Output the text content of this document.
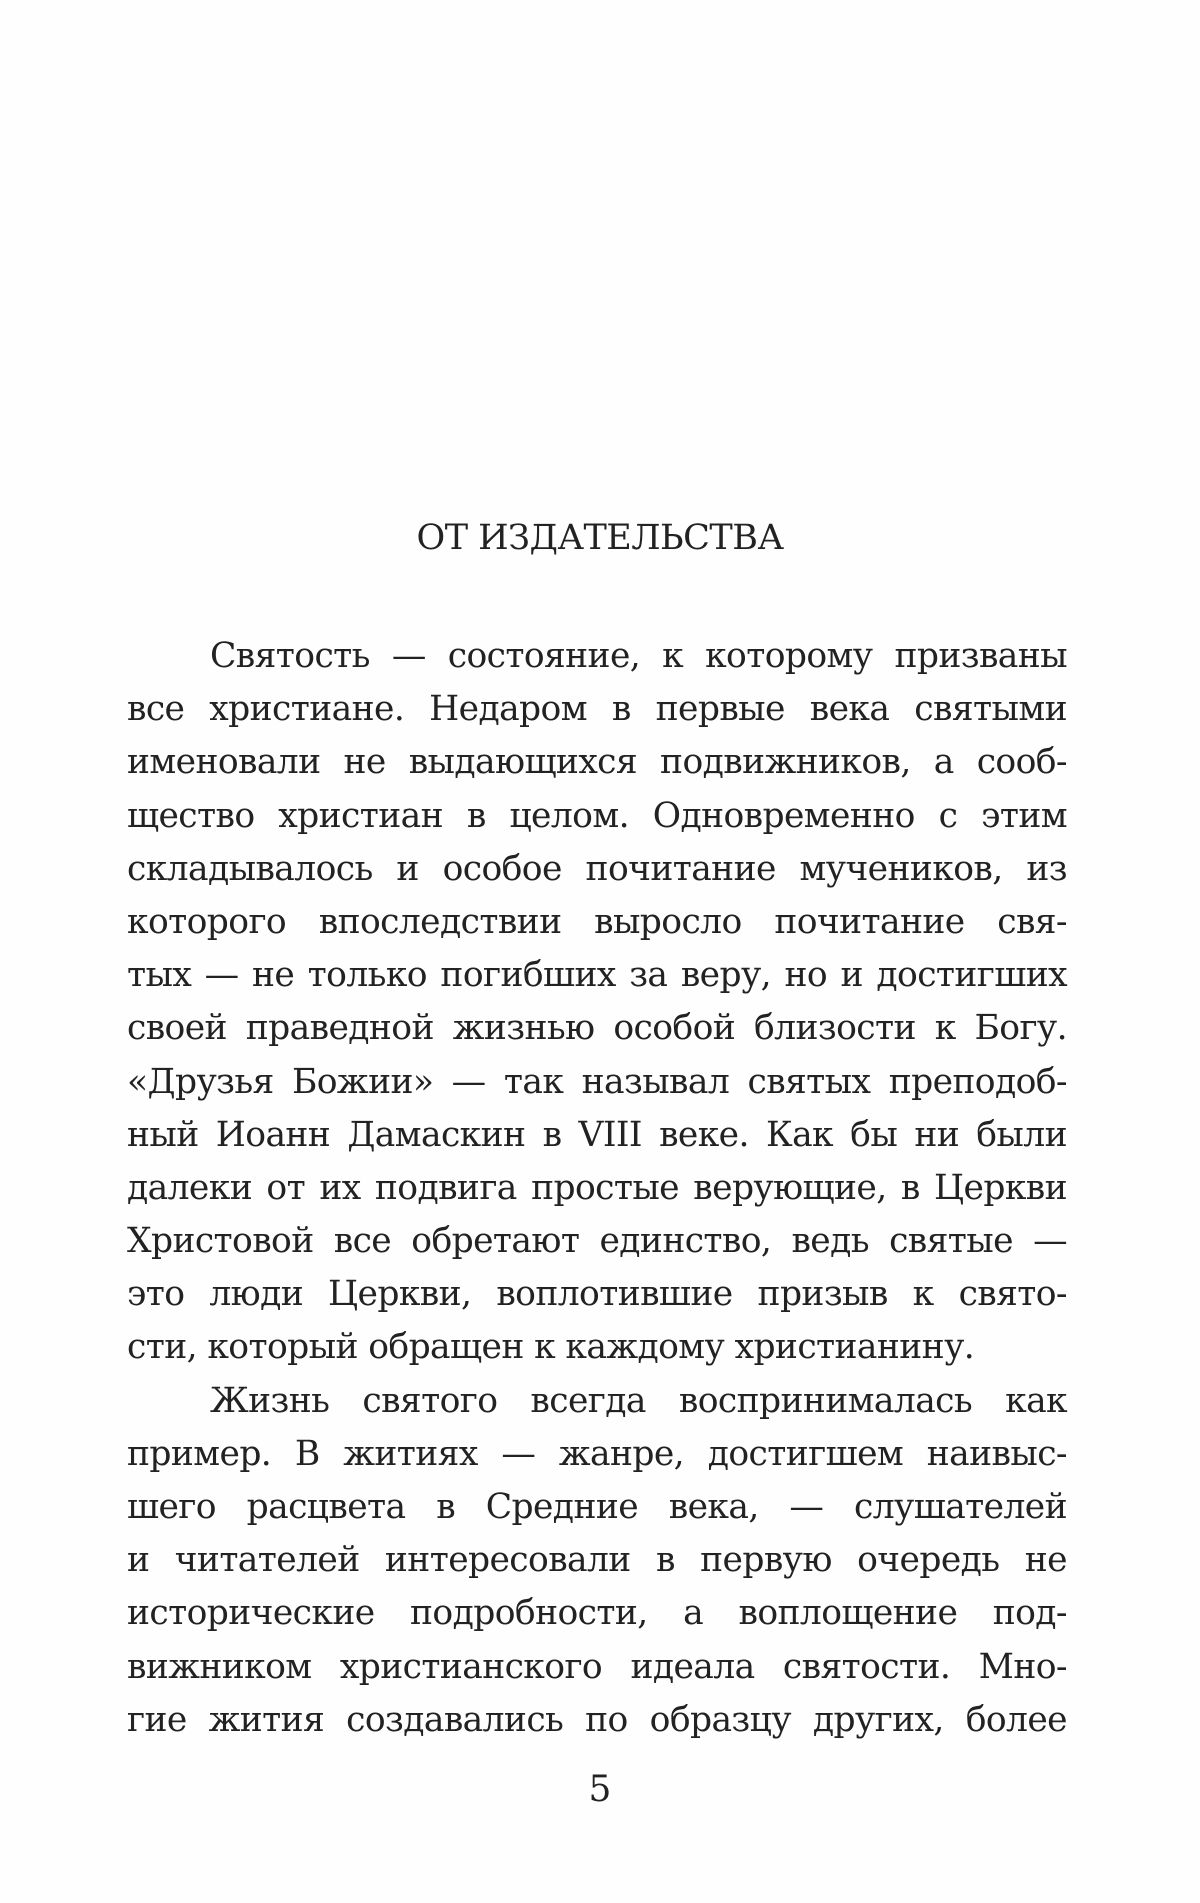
ОТ ИЗДАТЕЛЬСТВА
Святость — состояние, к которому призваны
все христиане. Недаром в первые века святыми
именовали не выдающихся подвижников, а сооб-
щество христиан в целом. Одновременно с этим
складывалось и особое почитание мучеников, из
которого впоследствии выросло почитание свя-
тых — не только погибших за веру, но и достигших
своей праведной жизнью особой близости к Богу.
«Друзья Божии» — так называл святых преподоб-
ный Иоанн Дамаскин в VIII веке. Как бы ни были
далеки от их подвига простые верующие, в Церкви
Христовой все обретают единство, ведь святые —
это люди Церкви, воплотившие призыв к свято-
сти, который обращен к каждому христианину.
Жизнь святого всегда воспринималась как
пример. В житиях — жанре, достигшем наивыс-
шего расцвета в Средние века, — слушателей
и читателей интересовали в первую очередь не
исторические подробности, а воплощение под-
вижником христианского идеала святости. Мно-
гие жития создавались по образцу других, более
5
